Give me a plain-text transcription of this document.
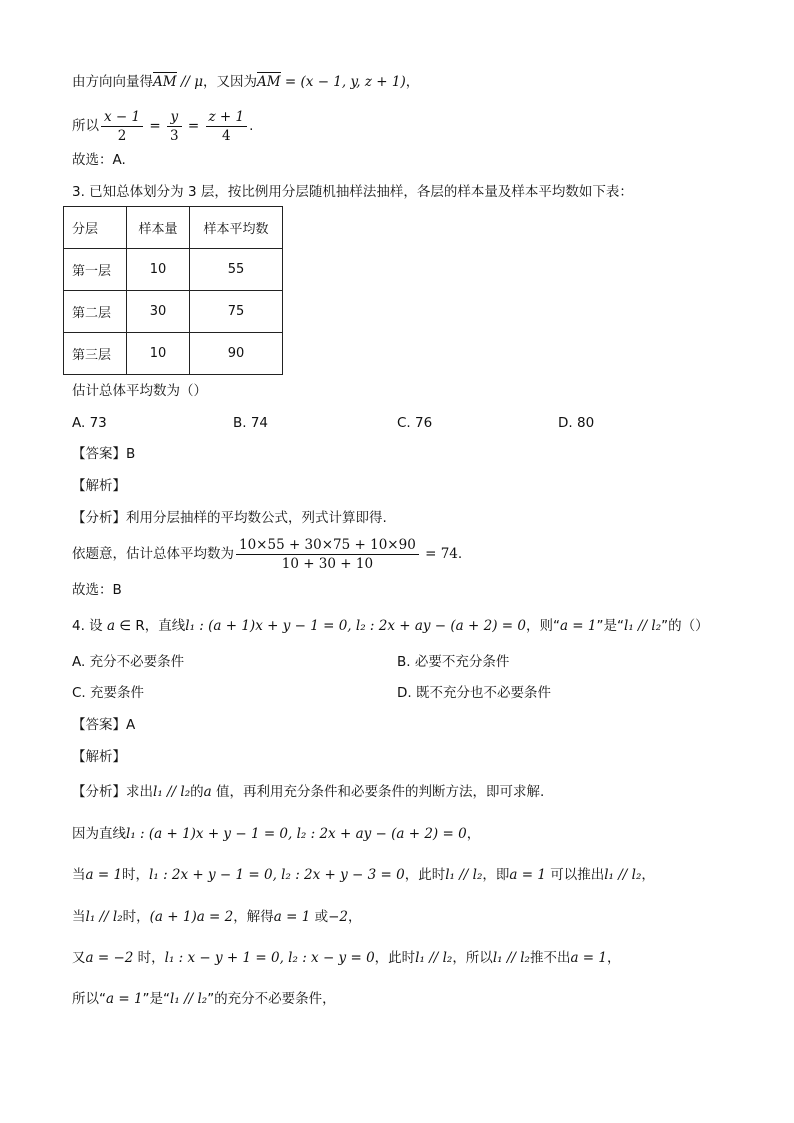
由方向向量得AM // μ，又因为AM = (x − 1, y, z + 1)，
所以 $\frac{x - 1}{2} = \frac{y}{3} = \frac{z + 1}{4}$ .
故选：A.
3. 已知总体划分为 3 层，按比例用分层随机抽样法抽样，各层的样本量及样本平均数如下表：
分层	样本量	样本平均数
第一层	10	55
第二层	30	75
第三层	10	90
估计总体平均数为（）
A. 73	B. 74	C. 76	D. 80
【答案】B
【解析】
【分析】利用分层抽样的平均数公式，列式计算即得.
依题意，估计总体平均数为 $\frac{10\times 55 + 30\times 75 + 10\times 90}{10 + 30 + 10} = 74$.
故选：B
4. 设 a ∈ R，直线l₁ : (a + 1)x + y − 1 = 0, l₂ : 2x + ay − (a + 2) = 0，则“a = 1”是“l₁ // l₂”的（）
A. 充分不必要条件	B. 必要不充分条件
C. 充要条件	D. 既不充分也不必要条件
【答案】A
【解析】
【分析】求出l₁ // l₂的a 值，再利用充分条件和必要条件的判断方法，即可求解.
因为直线l₁ : (a + 1)x + y − 1 = 0, l₂ : 2x + ay − (a + 2) = 0，
当a = 1时，l₁ : 2x + y − 1 = 0, l₂ : 2x + y − 3 = 0，此时l₁ // l₂，即a = 1 可以推出l₁ // l₂，
当l₁ // l₂时，(a + 1)a = 2，解得a = 1 或−2，
又a = −2 时，l₁ : x − y + 1 = 0, l₂ : x − y = 0，此时l₁ // l₂，所以l₁ // l₂推不出a = 1，
所以“a = 1”是“l₁ // l₂”的充分不必要条件，
